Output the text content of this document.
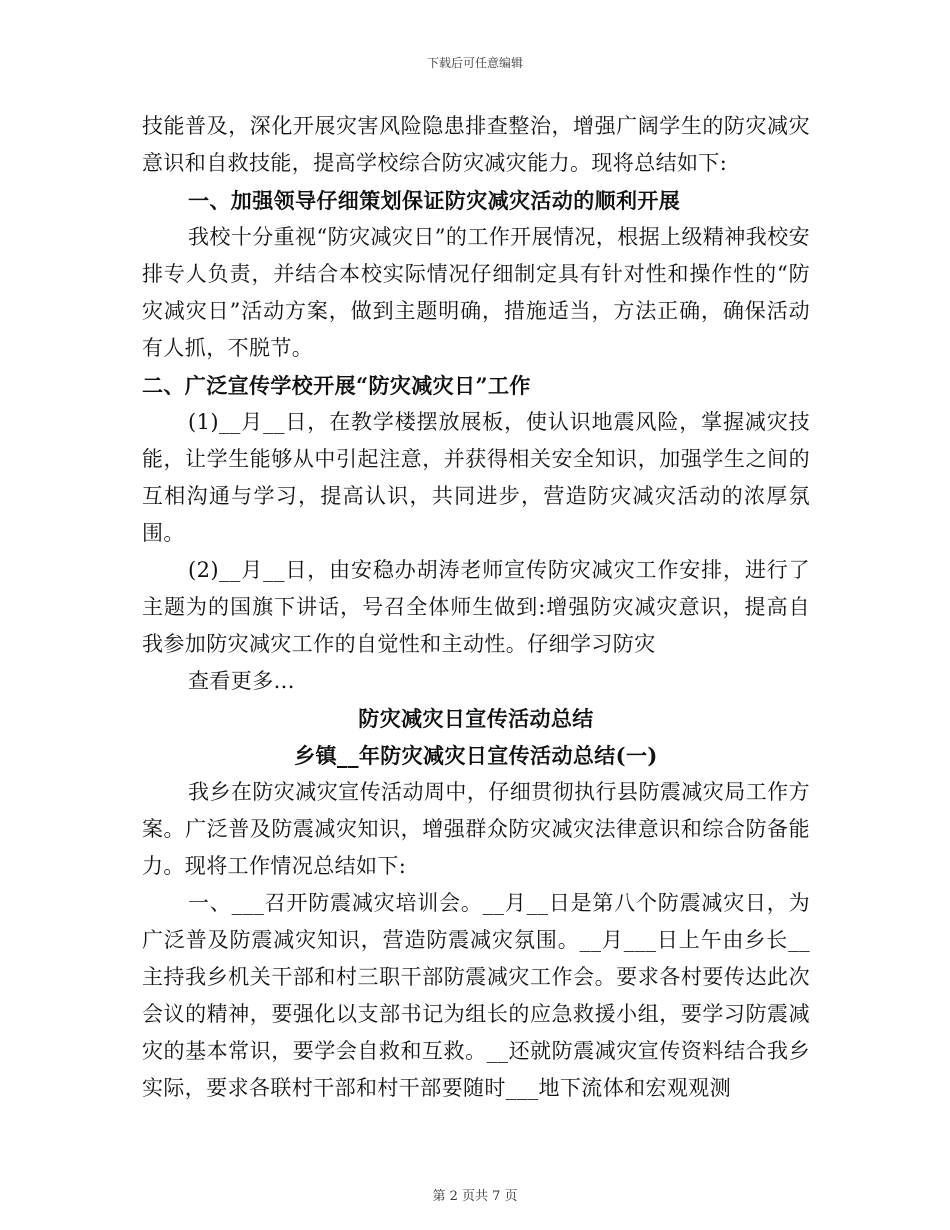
下载后可任意编辑

技能普及，深化开展灾害风险隐患排查整治，增强广阔学生的防灾减灾意识和自救技能，提高学校综合防灾减灾能力。现将总结如下:

一、加强领导仔细策划保证防灾减灾活动的顺利开展

我校十分重视“防灾减灾日”的工作开展情况，根据上级精神我校安排专人负责，并结合本校实际情况仔细制定具有针对性和操作性的“防灾减灾日”活动方案，做到主题明确，措施适当，方法正确，确保活动有人抓，不脱节。

二、广泛宣传学校开展“防灾减灾日”工作

(1)__月__日，在教学楼摆放展板，使认识地震风险，掌握减灾技能，让学生能够从中引起注意，并获得相关安全知识，加强学生之间的互相沟通与学习，提高认识，共同进步，营造防灾减灾活动的浓厚氛围。

(2)__月__日，由安稳办胡涛老师宣传防灾减灾工作安排，进行了主题为的国旗下讲话，号召全体师生做到:增强防灾减灾意识，提高自我参加防灾减灾工作的自觉性和主动性。仔细学习防灾

查看更多...

防灾减灾日宣传活动总结

乡镇__年防灾减灾日宣传活动总结(一)

我乡在防灾减灾宣传活动周中，仔细贯彻执行县防震减灾局工作方案。广泛普及防震减灾知识，增强群众防灾减灾法律意识和综合防备能力。现将工作情况总结如下:

一、___召开防震减灾培训会。__月__日是第八个防震减灾日，为广泛普及防震减灾知识，营造防震减灾氛围。__月___日上午由乡长__主持我乡机关干部和村三职干部防震减灾工作会。要求各村要传达此次会议的精神，要强化以支部书记为组长的应急救援小组，要学习防震减灾的基本常识，要学会自救和互救。__还就防震减灾宣传资料结合我乡实际，要求各联村干部和村干部要随时___地下流体和宏观观测

第 2 页共 7 页
